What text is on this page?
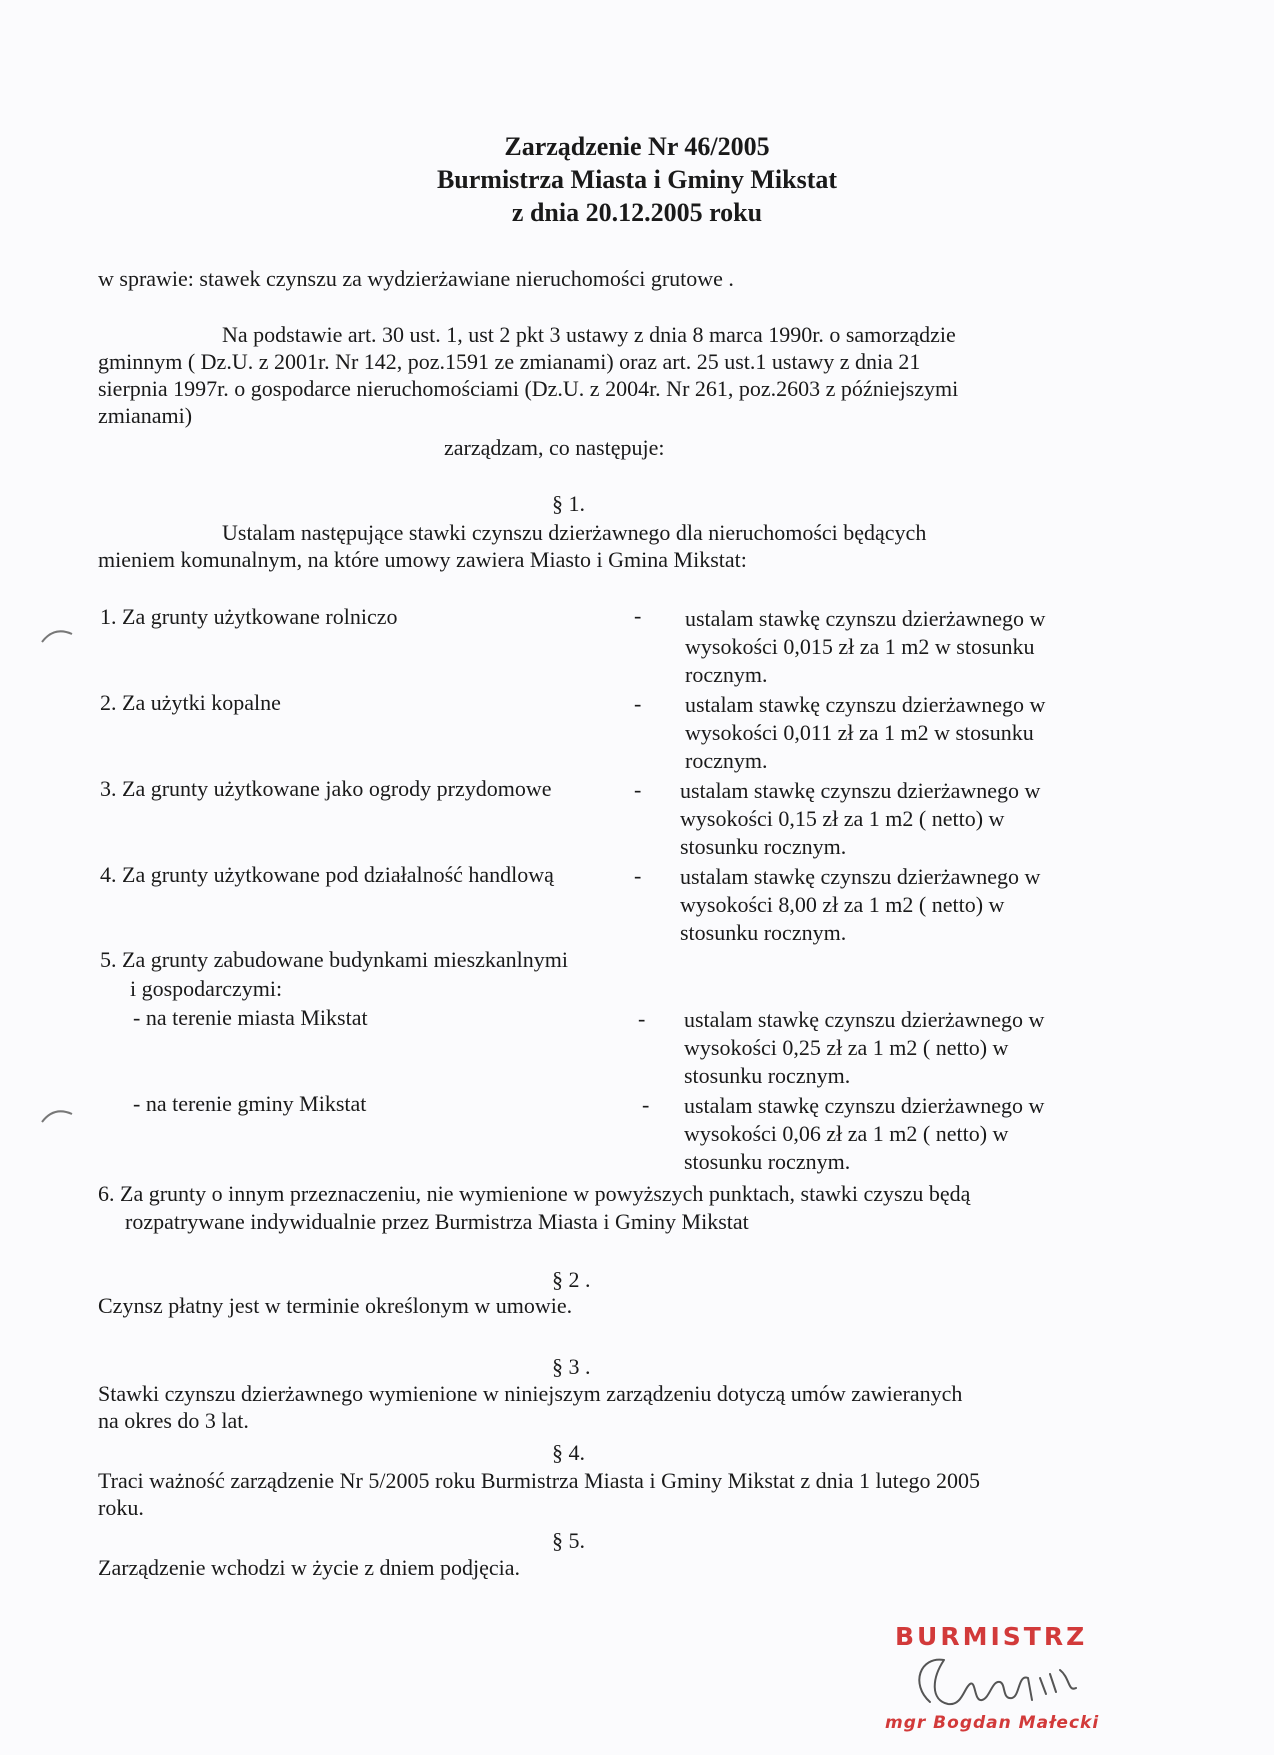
Zarządzenie Nr 46/2005
Burmistrza Miasta i Gminy Mikstat
z dnia 20.12.2005 roku
w sprawie: stawek czynszu za wydzierżawiane nieruchomości grutowe .
Na podstawie art. 30 ust. 1, ust 2 pkt 3 ustawy z dnia 8 marca 1990r. o samorządzie
gminnym ( Dz.U. z 2001r. Nr 142, poz.1591 ze zmianami) oraz art. 25 ust.1 ustawy z dnia 21
sierpnia 1997r. o gospodarce nieruchomościami (Dz.U. z 2004r. Nr 261, poz.2603 z późniejszymi
zmianami)
zarządzam, co następuje:
§ 1.
Ustalam następujące stawki czynszu dzierżawnego dla nieruchomości będących
mieniem komunalnym, na które umowy zawiera Miasto i Gmina Mikstat:
1. Za grunty użytkowane rolniczo	- ustalam stawkę czynszu dzierżawnego w
wysokości 0,015 zł za 1 m2 w stosunku
rocznym.
2. Za użytki kopalne	- ustalam stawkę czynszu dzierżawnego w
wysokości 0,011 zł za 1 m2 w stosunku
rocznym.
3. Za grunty użytkowane jako ogrody przydomowe	- ustalam stawkę czynszu dzierżawnego w
wysokości 0,15 zł za 1 m2 ( netto) w
stosunku rocznym.
4. Za grunty użytkowane pod działalność handlową	- ustalam stawkę czynszu dzierżawnego w
wysokości 8,00 zł za 1 m2 ( netto) w
stosunku rocznym.
5. Za grunty zabudowane budynkami mieszkanlnymi
i gospodarczymi:
- na terenie miasta Mikstat	- ustalam stawkę czynszu dzierżawnego w
wysokości 0,25 zł za 1 m2 ( netto) w
stosunku rocznym.
- na terenie gminy Mikstat	- ustalam stawkę czynszu dzierżawnego w
wysokości 0,06 zł za 1 m2 ( netto) w
stosunku rocznym.
6. Za grunty o innym przeznaczeniu, nie wymienione w powyższych punktach, stawki czyszu będą
rozpatrywane indywidualnie przez Burmistrza Miasta i Gminy Mikstat
§ 2 .
Czynsz płatny jest w terminie określonym w umowie.
§ 3 .
Stawki czynszu dzierżawnego wymienione w niniejszym zarządzeniu dotyczą umów zawieranych
na okres do 3 lat.
§ 4.
Traci ważność zarządzenie Nr 5/2005 roku Burmistrza Miasta i Gminy Mikstat z dnia 1 lutego 2005
roku.
§ 5.
Zarządzenie wchodzi w życie z dniem podjęcia.
BURMISTRZ
mgr Bogdan Małecki
